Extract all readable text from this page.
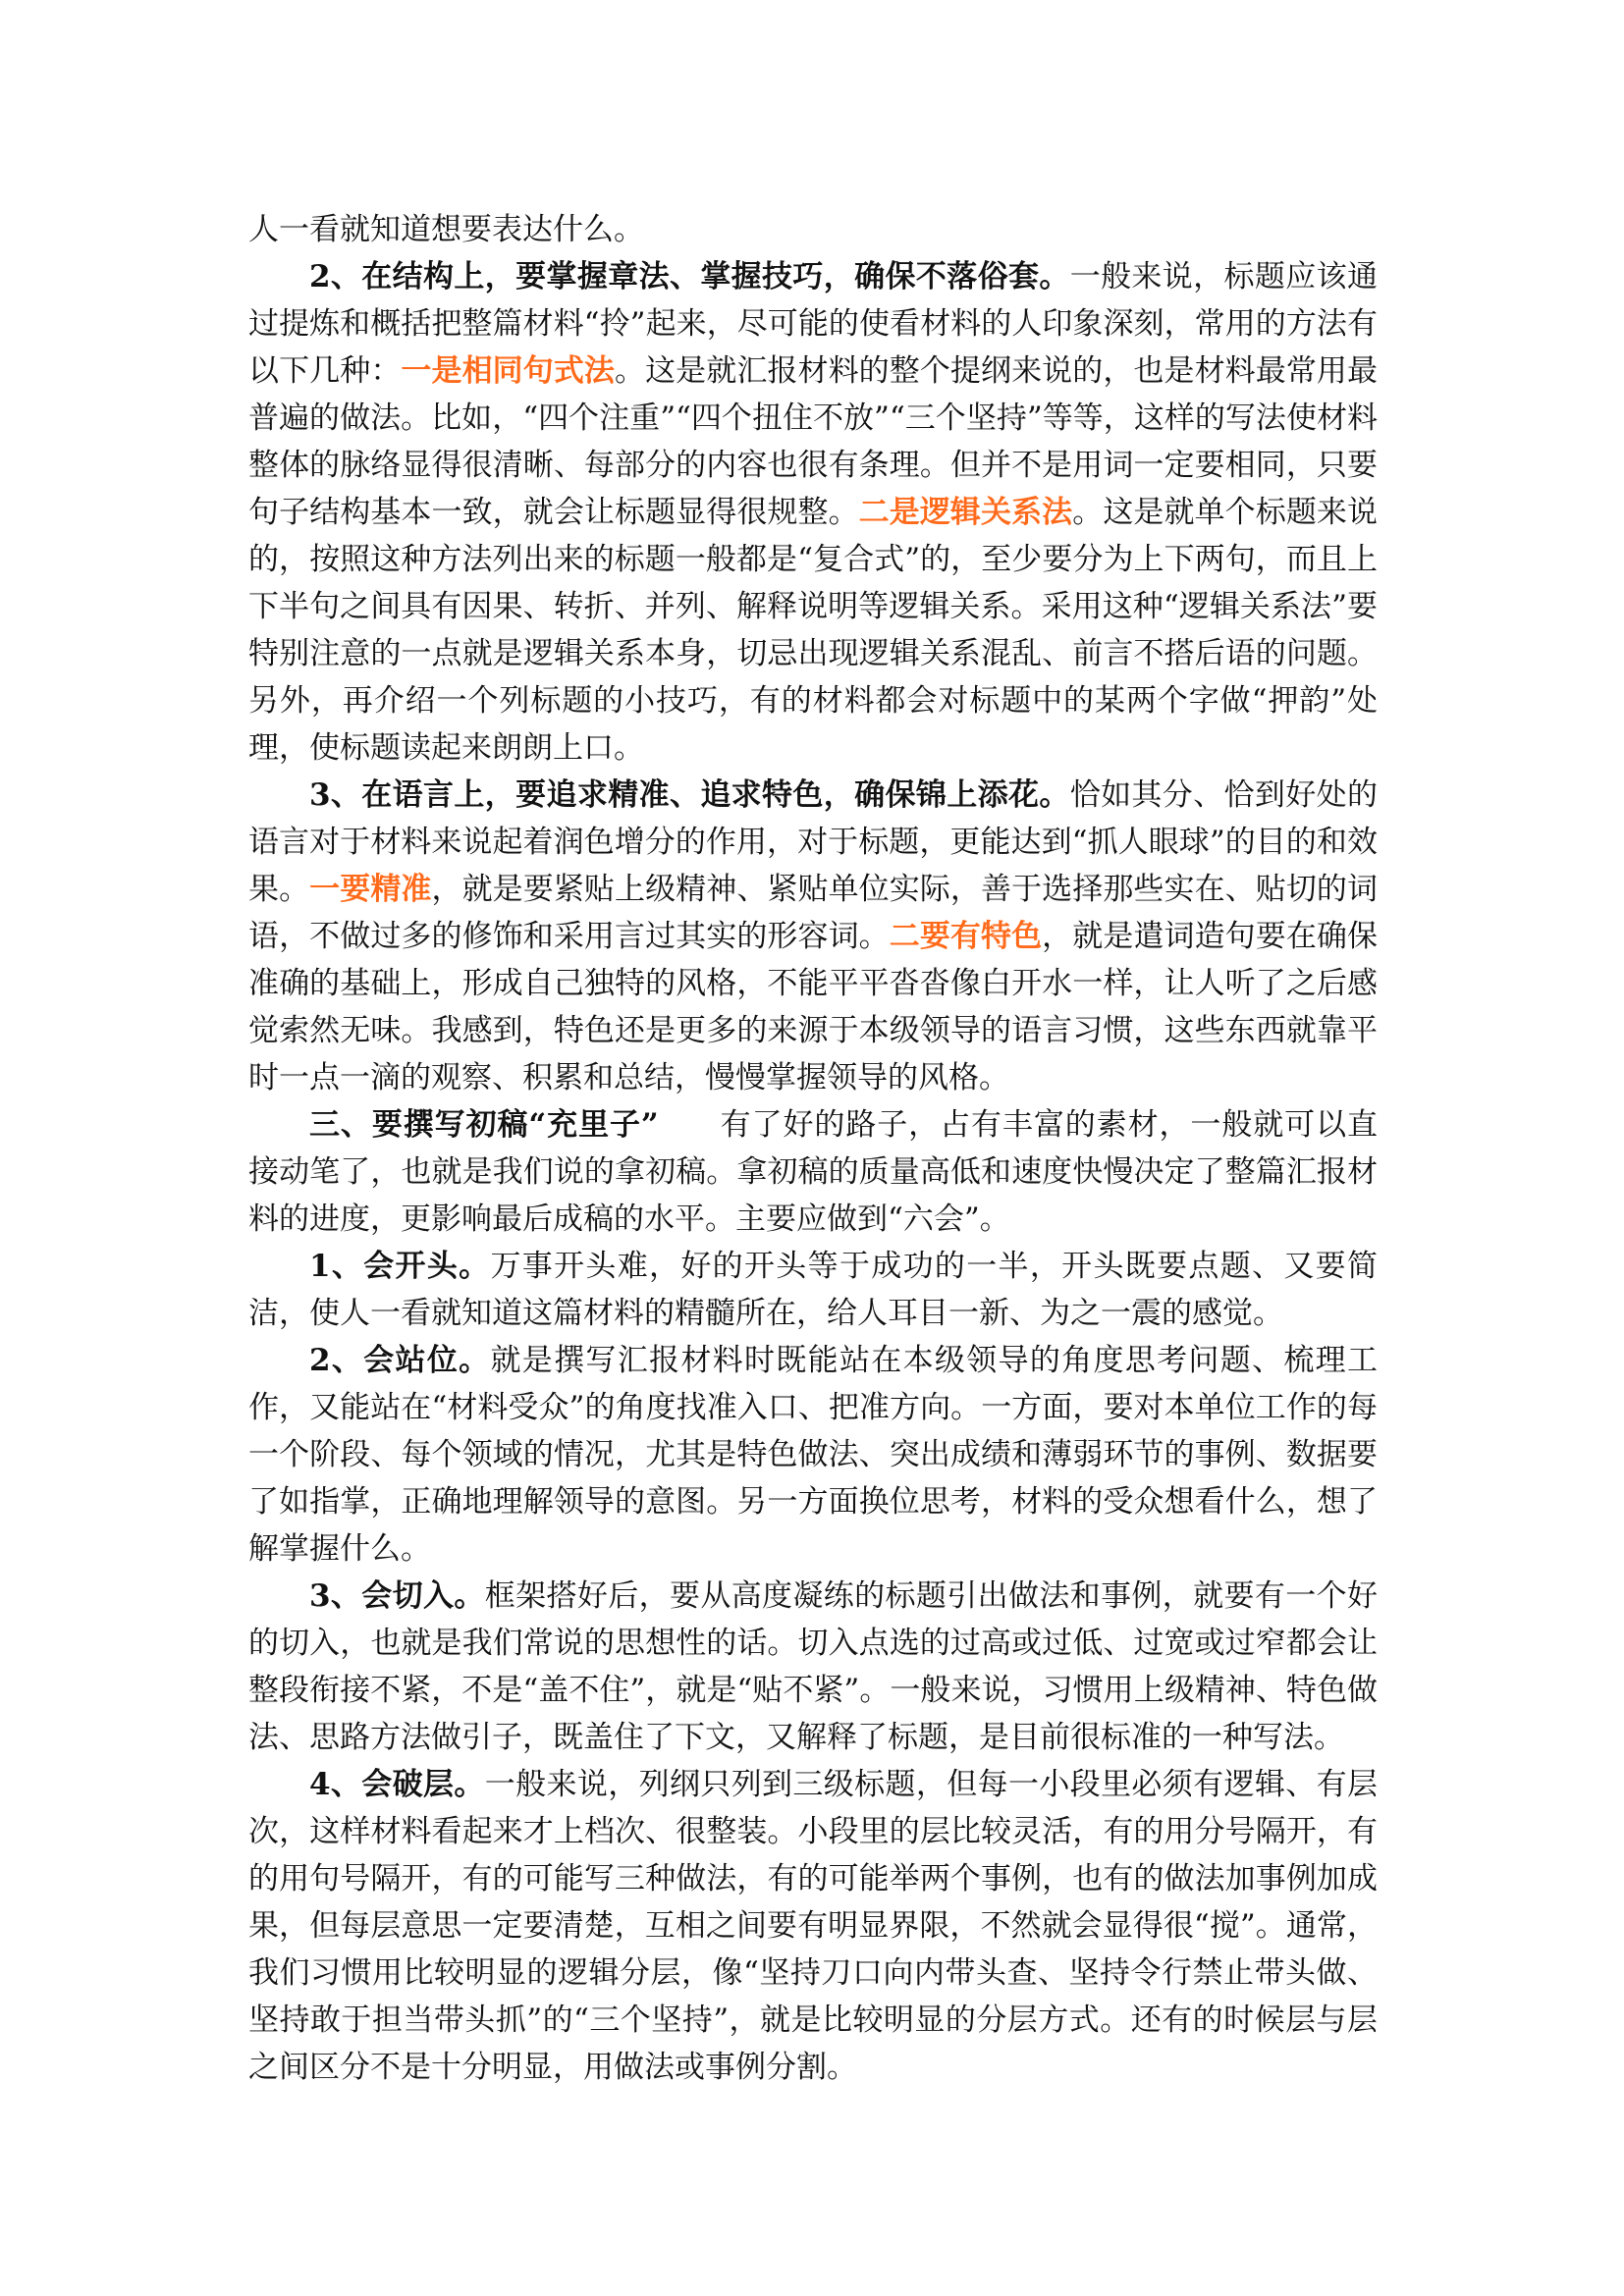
人一看就知道想要表达什么。

2、在结构上，要掌握章法、掌握技巧，确保不落俗套。一般来说，标题应该通过提炼和概括把整篇材料“拎”起来，尽可能的使看材料的人印象深刻，常用的方法有以下几种：一是相同句式法。这是就汇报材料的整个提纲来说的，也是材料最常用最普遍的做法。比如，“四个注重”“四个扭住不放”“三个坚持”等等，这样的写法使材料整体的脉络显得很清晰、每部分的内容也很有条理。但并不是用词一定要相同，只要句子结构基本一致，就会让标题显得很规整。二是逻辑关系法。这是就单个标题来说的，按照这种方法列出来的标题一般都是“复合式”的，至少要分为上下两句，而且上下半句之间具有因果、转折、并列、解释说明等逻辑关系。采用这种“逻辑关系法”要特别注意的一点就是逻辑关系本身，切忌出现逻辑关系混乱、前言不搭后语的问题。另外，再介绍一个列标题的小技巧，有的材料都会对标题中的某两个字做“押韵”处理，使标题读起来朗朗上口。

3、在语言上，要追求精准、追求特色，确保锦上添花。恰如其分、恰到好处的语言对于材料来说起着润色增分的作用，对于标题，更能达到“抓人眼球”的目的和效果。一要精准，就是要紧贴上级精神、紧贴单位实际，善于选择那些实在、贴切的词语，不做过多的修饰和采用言过其实的形容词。二要有特色，就是遣词造句要在确保准确的基础上，形成自己独特的风格，不能平平沓沓像白开水一样，让人听了之后感觉索然无味。我感到，特色还是更多的来源于本级领导的语言习惯，这些东西就靠平时一点一滴的观察、积累和总结，慢慢掌握领导的风格。

三、要撰写初稿“充里子” 有了好的路子，占有丰富的素材，一般就可以直接动笔了，也就是我们说的拿初稿。拿初稿的质量高低和速度快慢决定了整篇汇报材料的进度，更影响最后成稿的水平。主要应做到“六会”。

1、会开头。万事开头难，好的开头等于成功的一半，开头既要点题、又要简洁，使人一看就知道这篇材料的精髓所在，给人耳目一新、为之一震的感觉。

2、会站位。就是撰写汇报材料时既能站在本级领导的角度思考问题、梳理工作，又能站在“材料受众”的角度找准入口、把准方向。一方面，要对本单位工作的每一个阶段、每个领域的情况，尤其是特色做法、突出成绩和薄弱环节的事例、数据要了如指掌，正确地理解领导的意图。另一方面换位思考，材料的受众想看什么，想了解掌握什么。

3、会切入。框架搭好后，要从高度凝练的标题引出做法和事例，就要有一个好的切入，也就是我们常说的思想性的话。切入点选的过高或过低、过宽或过窄都会让整段衔接不紧，不是“盖不住”，就是“贴不紧”。一般来说，习惯用上级精神、特色做法、思路方法做引子，既盖住了下文，又解释了标题，是目前很标准的一种写法。

4、会破层。一般来说，列纲只列到三级标题，但每一小段里必须有逻辑、有层次，这样材料看起来才上档次、很整装。小段里的层比较灵活，有的用分号隔开，有的用句号隔开，有的可能写三种做法，有的可能举两个事例，也有的做法加事例加成果，但每层意思一定要清楚，互相之间要有明显界限，不然就会显得很“搅”。通常，我们习惯用比较明显的逻辑分层，像“坚持刀口向内带头查、坚持令行禁止带头做、坚持敢于担当带头抓”的“三个坚持”，就是比较明显的分层方式。还有的时候层与层之间区分不是十分明显，用做法或事例分割。
